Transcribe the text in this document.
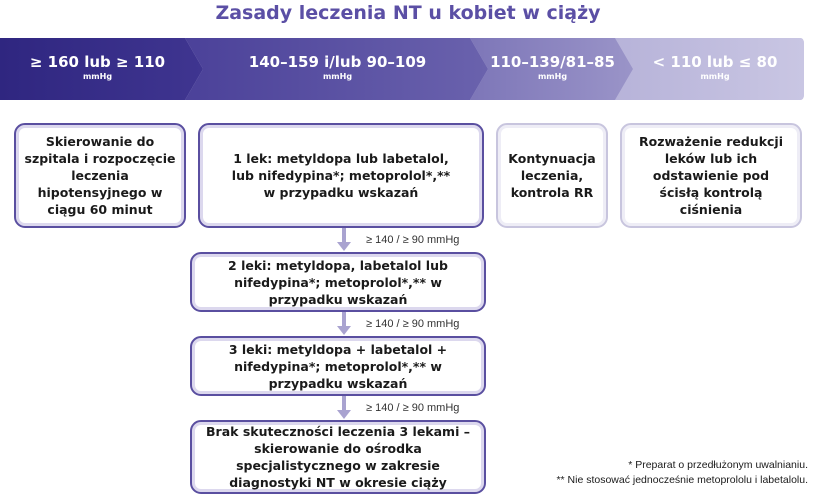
Zasady leczenia NT u kobiet w ciąży
≥ 160 lub ≥ 110
mmHg
140–159 i/lub 90–109
mmHg
110–139/81–85
mmHg
< 110 lub ≤ 80
mmHg
Skierowanie do szpitala i rozpoczęcie leczenia hipotensyjnego w ciągu 60 minut
1 lek: metyldopa lub labetalol, lub nifedypina*; metoprolol*,** w przypadku wskazań
Kontynuacja leczenia, kontrola RR
Rozważenie redukcji leków lub ich odstawienie pod ścisłą kontrolą ciśnienia
2 leki: metyldopa, labetalol lub nifedypina*; metoprolol*,** w przypadku wskazań
3 leki: metyldopa + labetalol + nifedypina*; metoprolol*,** w przypadku wskazań
Brak skuteczności leczenia 3 lekami – skierowanie do ośrodka specjalistycznego w zakresie diagnostyki NT w okresie ciąży
≥ 140 / ≥ 90 mmHg
≥ 140 / ≥ 90 mmHg
≥ 140 / ≥ 90 mmHg
* Preparat o przedłużonym uwalnianiu.
** Nie stosować jednocześnie metoprololu i labetalolu.
